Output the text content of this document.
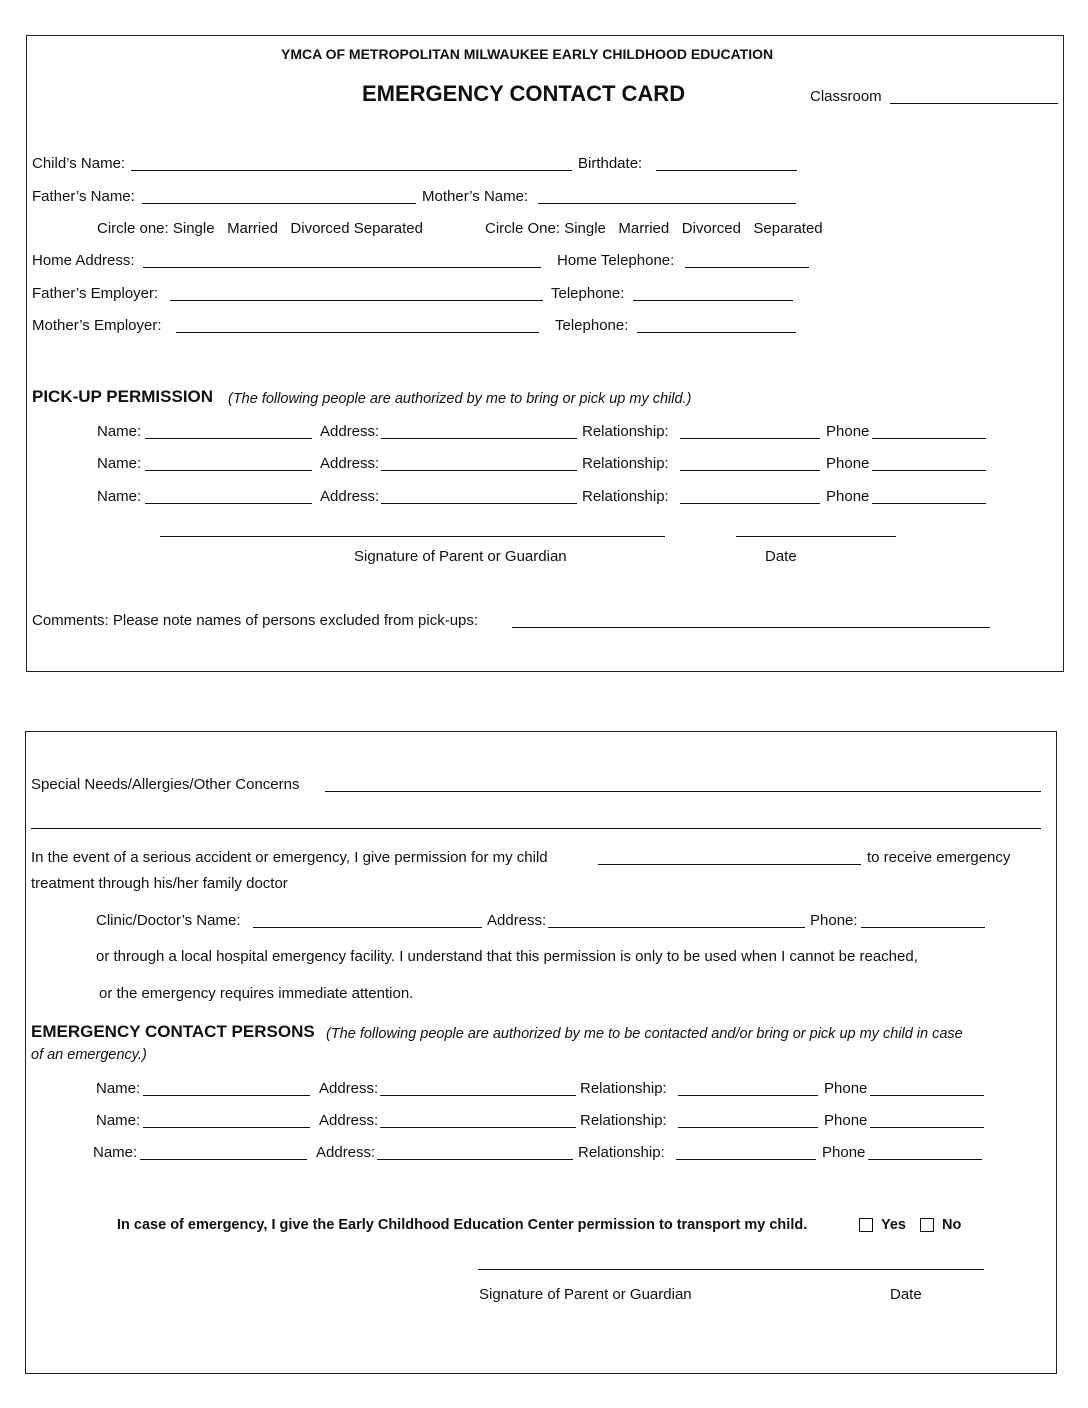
YMCA OF METROPOLITAN MILWAUKEE EARLY CHILDHOOD EDUCATION
EMERGENCY CONTACT CARD	Classroom
Child’s Name:	Birthdate:
Father’s Name:	Mother’s Name:
Circle one: Single   Married   Divorced Separated	Circle One: Single   Married   Divorced   Separated
Home Address:	Home Telephone:
Father’s Employer:	Telephone:
Mother’s Employer:	Telephone:
PICK-UP PERMISSION (The following people are authorized by me to bring or pick up my child.)
Name:	Address:	Relationship:	Phone
Name:	Address:	Relationship:	Phone
Name:	Address:	Relationship:	Phone
Signature of Parent or Guardian	Date
Comments: Please note names of persons excluded from pick-ups:
Special Needs/Allergies/Other Concerns
In the event of a serious accident or emergency, I give permission for my child	to receive emergency
treatment through his/her family doctor
Clinic/Doctor’s Name:	Address:	Phone:
or through a local hospital emergency facility. I understand that this permission is only to be used when I cannot be reached,
or the emergency requires immediate attention.
EMERGENCY CONTACT PERSONS (The following people are authorized by me to be contacted and/or bring or pick up my child in case
of an emergency.)
Name:	Address:	Relationship:	Phone
Name:	Address:	Relationship:	Phone
Name:	Address:	Relationship:	Phone
In case of emergency, I give the Early Childhood Education Center permission to transport my child.	Yes No
Signature of Parent or Guardian	Date
